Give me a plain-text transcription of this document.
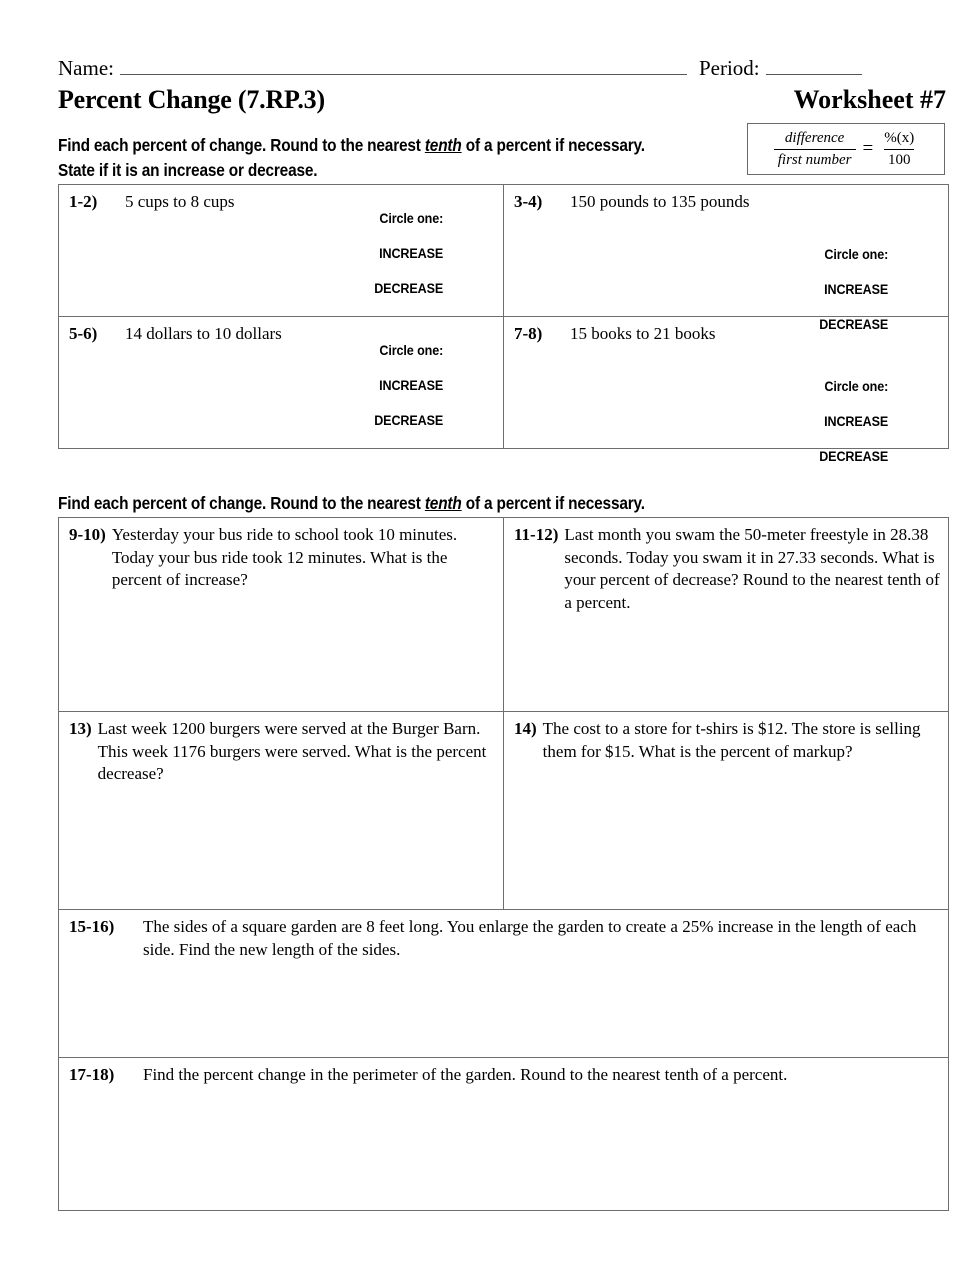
Name:	Period:
Percent Change (7.RP.3)	Worksheet #7
Find each percent of change. Round to the nearest tenth of a percent if necessary.
State if it is an increase or decrease.
$\frac{\text{difference}}{\text{first number}} = \frac{\%(x)}{100}$
1-2)	5 cups to 8 cups
Circle one:
INCREASE
DECREASE

3-4)	150 pounds to 135 pounds
Circle one:
INCREASE
DECREASE

5-6)	14 dollars to 10 dollars
Circle one:
INCREASE
DECREASE

7-8)	15 books to 21 books
Circle one:
INCREASE
DECREASE
Find each percent of change. Round to the nearest tenth of a percent if necessary.
9-10) Yesterday your bus ride to school took 10 minutes. Today your bus ride took 12 minutes. What is the percent of increase?	11-12) Last month you swam the 50-meter freestyle in 28.38 seconds. Today you swam it in 27.33 seconds. What is your percent of decrease? Round to the nearest tenth of a percent.

13) Last week 1200 burgers were served at the Burger Barn. This week 1176 burgers were served. What is the percent decrease?	14) The cost to a store for t-shirs is $12. The store is selling them for $15. What is the percent of markup?

15-16) The sides of a square garden are 8 feet long. You enlarge the garden to create a 25% increase in the length of each side. Find the new length of the sides.	

17-18) Find the percent change in the perimeter of the garden. Round to the nearest tenth of a percent.	
